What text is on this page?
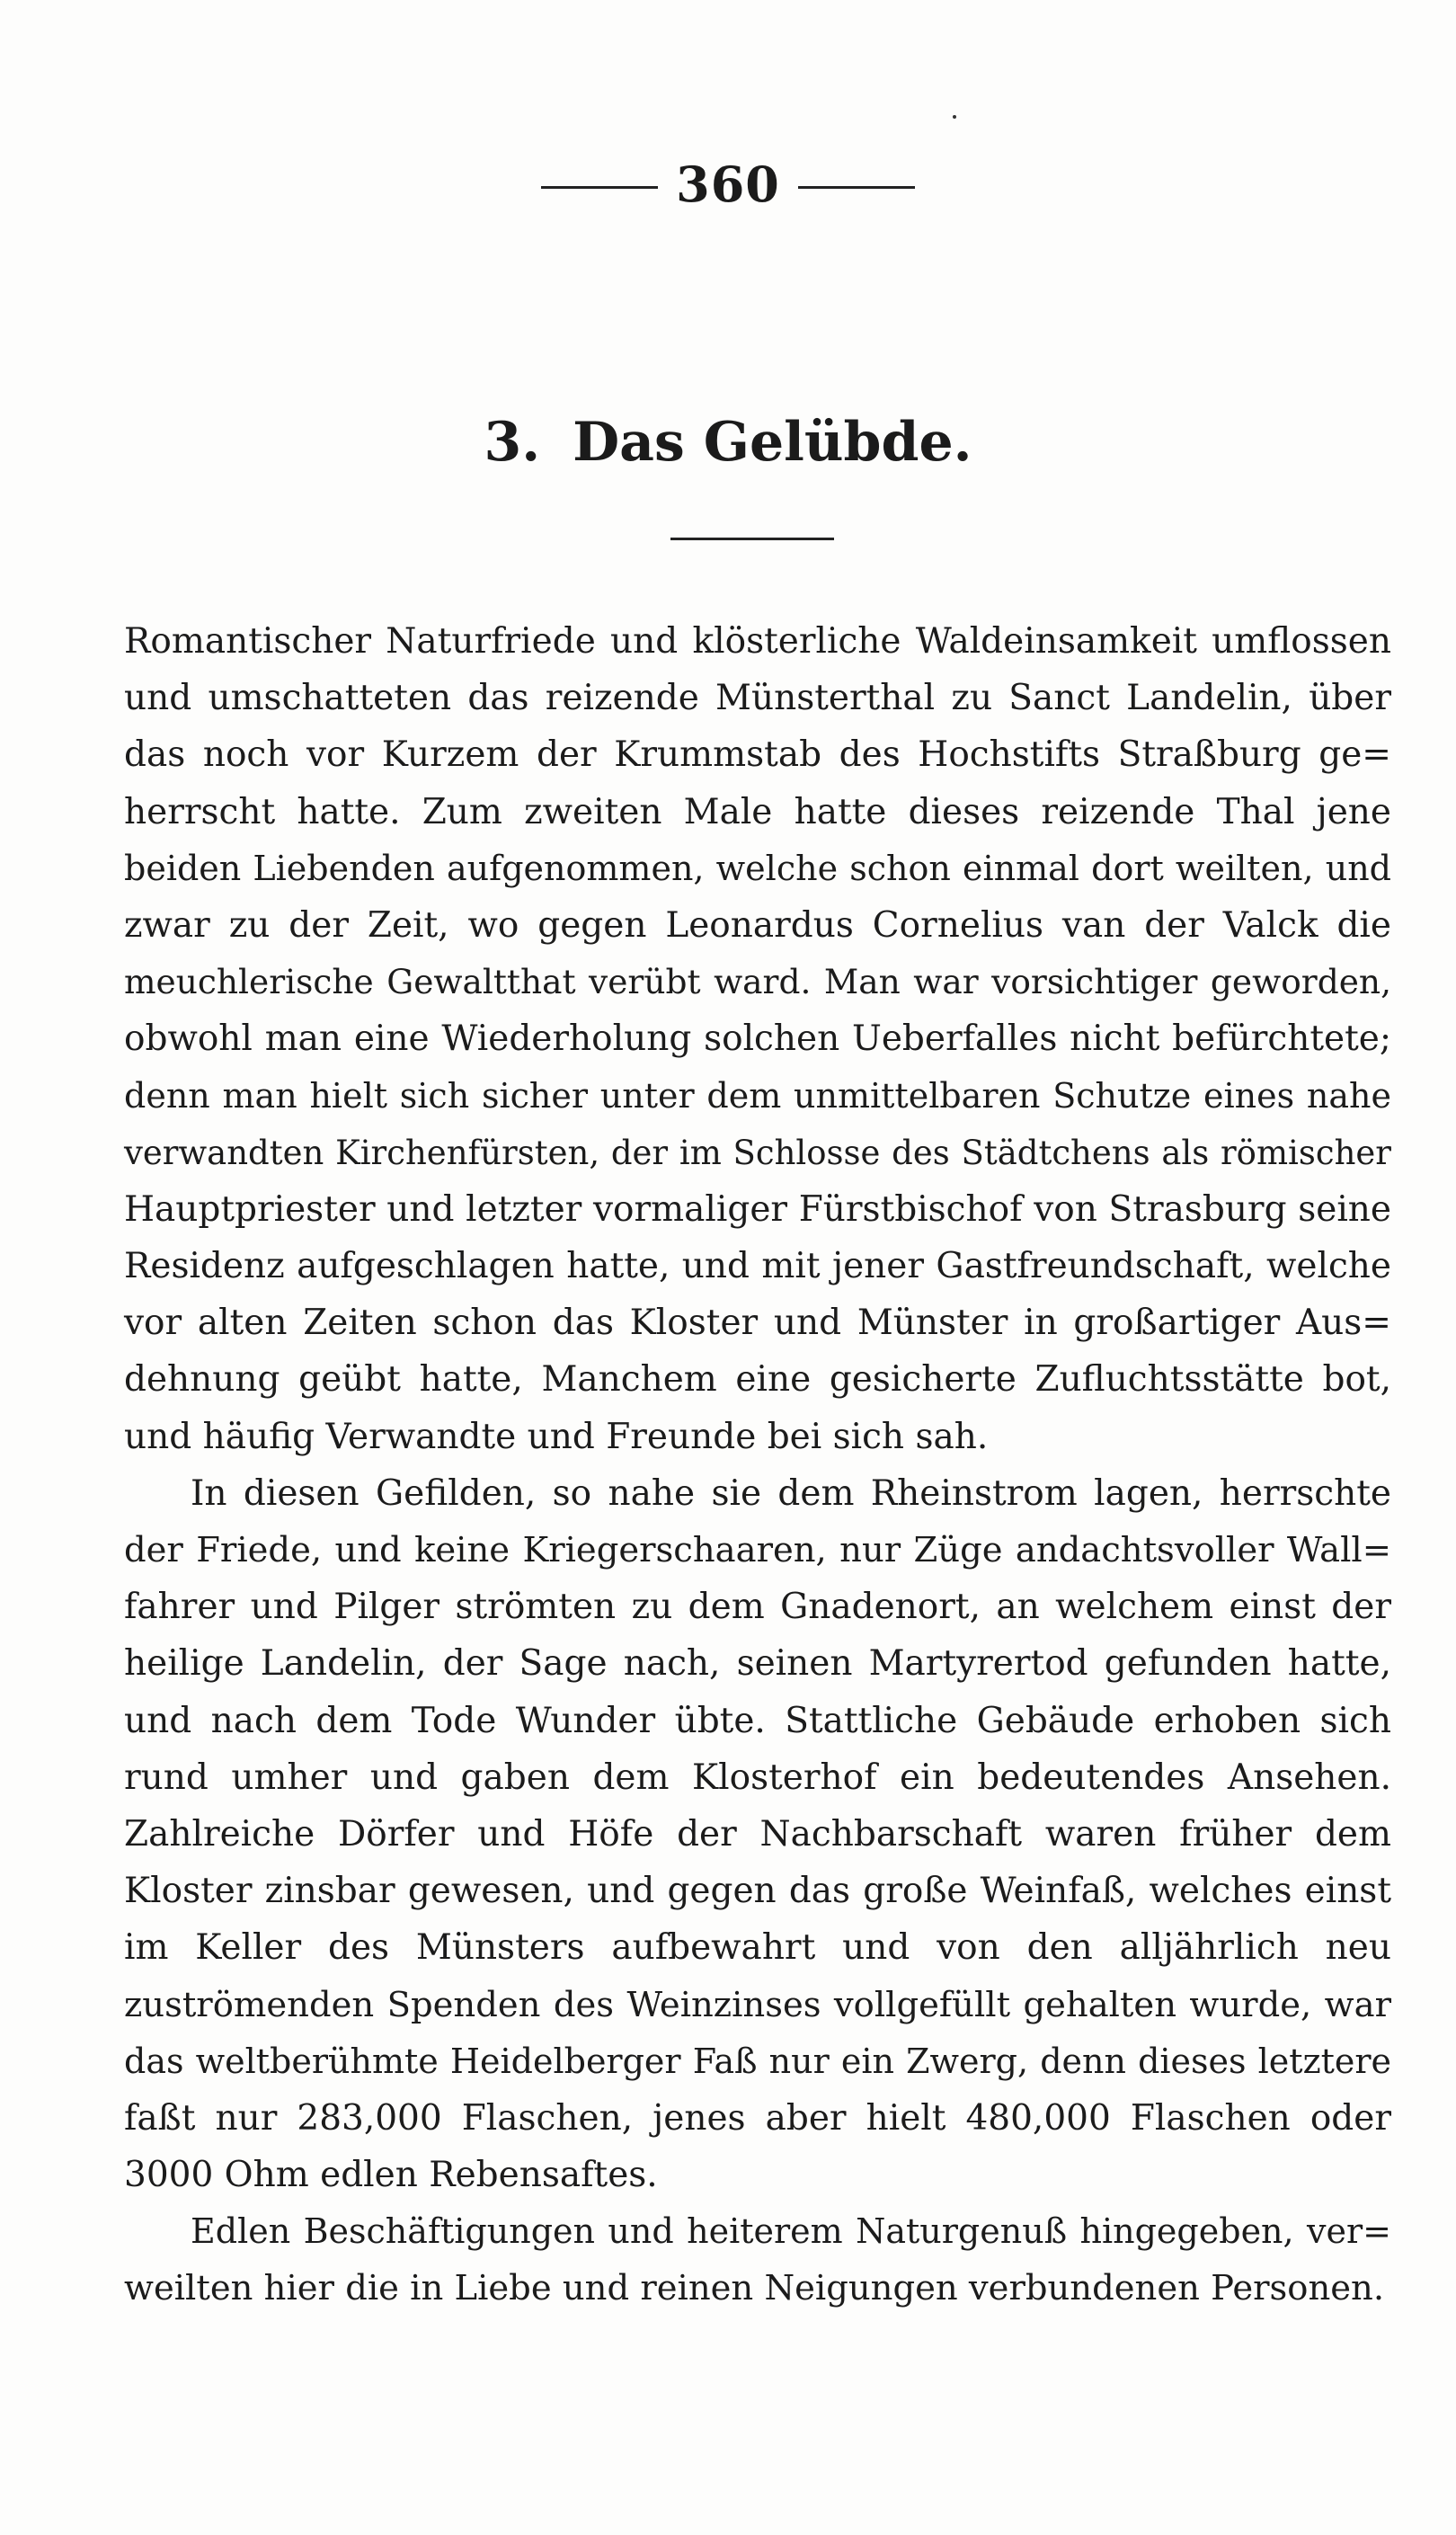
360
3. Das Gelübde.
Romantischer Naturfriede und klösterliche Waldeinsamkeit umflossen
und umschatteten das reizende Münsterthal zu Sanct Landelin, über
das noch vor Kurzem der Krummstab des Hochstifts Straßburg ge=
herrscht hatte. Zum zweiten Male hatte dieses reizende Thal jene
beiden Liebenden aufgenommen, welche schon einmal dort weilten, und
zwar zu der Zeit, wo gegen Leonardus Cornelius van der Valck die
meuchlerische Gewaltthat verübt ward. Man war vorsichtiger geworden,
obwohl man eine Wiederholung solchen Ueberfalles nicht befürchtete;
denn man hielt sich sicher unter dem unmittelbaren Schutze eines nahe
verwandten Kirchenfürsten, der im Schlosse des Städtchens als römischer
Hauptpriester und letzter vormaliger Fürstbischof von Strasburg seine
Residenz aufgeschlagen hatte, und mit jener Gastfreundschaft, welche
vor alten Zeiten schon das Kloster und Münster in großartiger Aus=
dehnung geübt hatte, Manchem eine gesicherte Zufluchtsstätte bot,
und häufig Verwandte und Freunde bei sich sah.
In diesen Gefilden, so nahe sie dem Rheinstrom lagen, herrschte
der Friede, und keine Kriegerschaaren, nur Züge andachtsvoller Wall=
fahrer und Pilger strömten zu dem Gnadenort, an welchem einst der
heilige Landelin, der Sage nach, seinen Martyrertod gefunden hatte,
und nach dem Tode Wunder übte. Stattliche Gebäude erhoben sich
rund umher und gaben dem Klosterhof ein bedeutendes Ansehen.
Zahlreiche Dörfer und Höfe der Nachbarschaft waren früher dem
Kloster zinsbar gewesen, und gegen das große Weinfaß, welches einst
im Keller des Münsters aufbewahrt und von den alljährlich neu
zuströmenden Spenden des Weinzinses vollgefüllt gehalten wurde, war
das weltberühmte Heidelberger Faß nur ein Zwerg, denn dieses letztere
faßt nur 283,000 Flaschen, jenes aber hielt 480,000 Flaschen oder
3000 Ohm edlen Rebensaftes.
Edlen Beschäftigungen und heiterem Naturgenuß hingegeben, ver=
weilten hier die in Liebe und reinen Neigungen verbundenen Personen.
